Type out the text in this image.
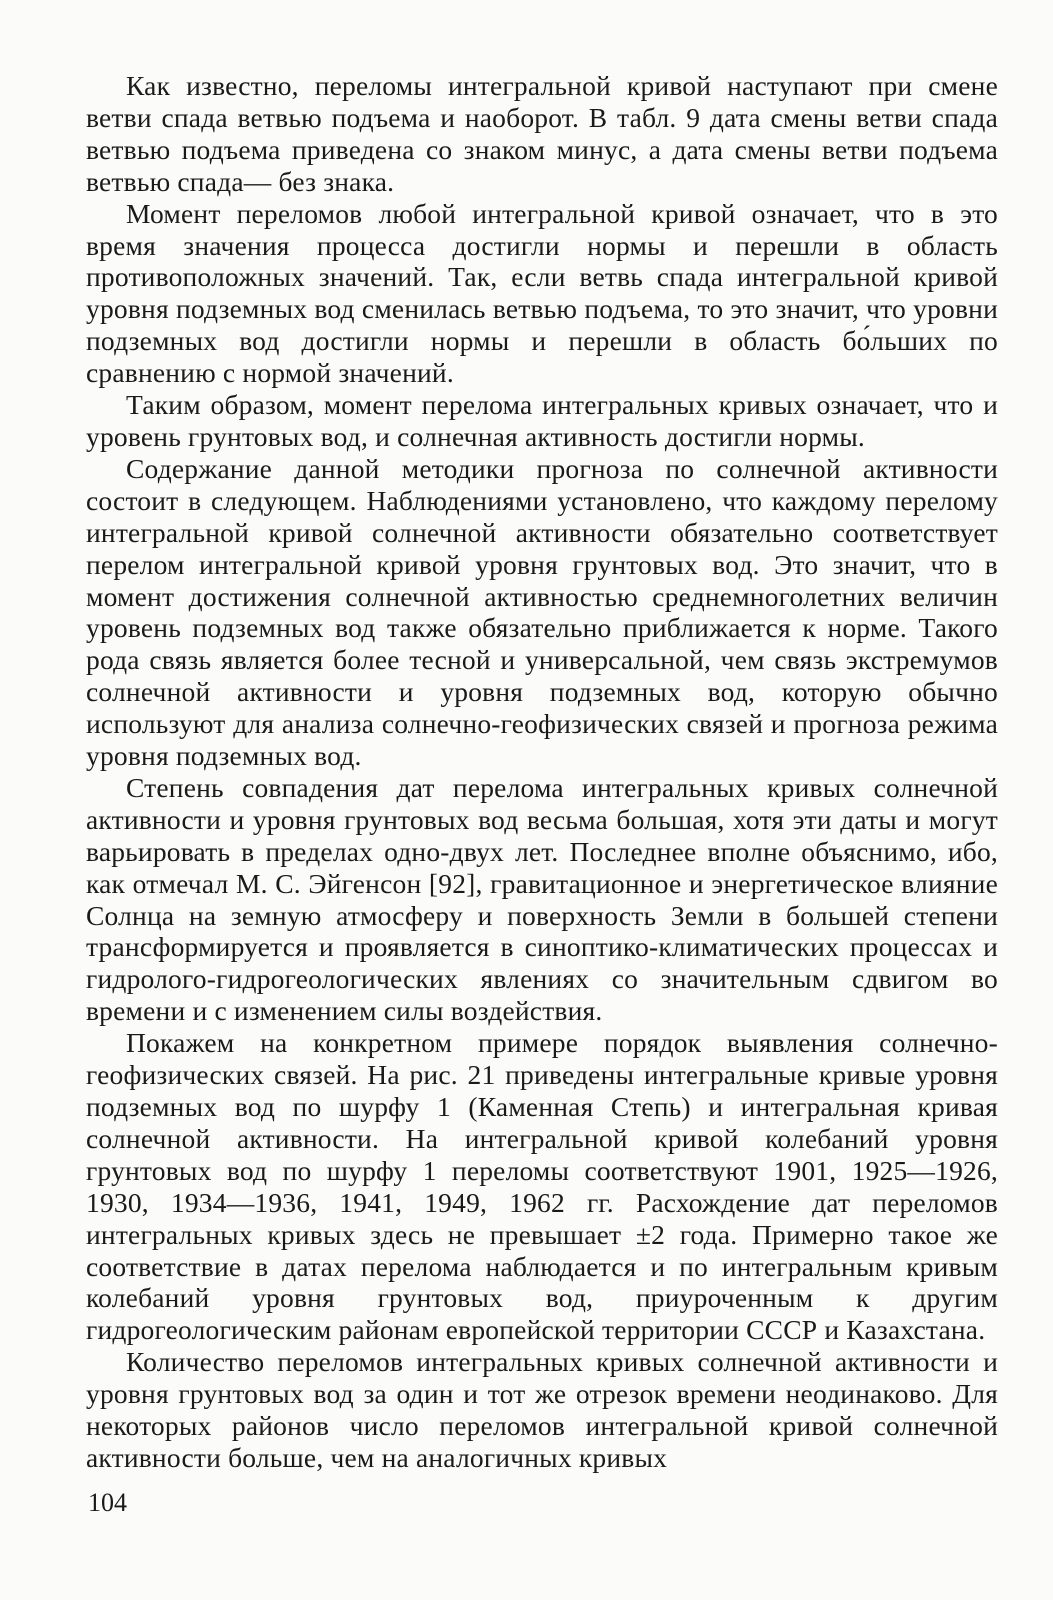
Как известно, переломы интегральной кривой наступают при смене ветви спада ветвью подъема и наоборот. В табл. 9 дата смены ветви спада ветвью подъема приведена со знаком минус, а дата смены ветви подъема ветвью спада— без знака.

Момент переломов любой интегральной кривой означает, что в это время значения процесса достигли нормы и перешли в область противоположных значений. Так, если ветвь спада интегральной кривой уровня подземных вод сменилась ветвью подъема, то это значит, что уровни подземных вод достигли нормы и перешли в область бо́льших по сравнению с нормой значений.

Таким образом, момент перелома интегральных кривых означает, что и уровень грунтовых вод, и солнечная активность достигли нормы.

Содержание данной методики прогноза по солнечной активности состоит в следующем. Наблюдениями установлено, что каждому перелому интегральной кривой солнечной активности обязательно соответствует перелом интегральной кривой уровня грунтовых вод. Это значит, что в момент достижения солнечной активностью среднемноголетних величин уровень подземных вод также обязательно приближается к норме. Такого рода связь является более тесной и универсальной, чем связь экстремумов солнечной активности и уровня подземных вод, которую обычно используют для анализа солнечно-геофизических связей и прогноза режима уровня подземных вод.

Степень совпадения дат перелома интегральных кривых солнечной активности и уровня грунтовых вод весьма большая, хотя эти даты и могут варьировать в пределах одно-двух лет. Последнее вполне объяснимо, ибо, как отмечал М. С. Эйгенсон [92], гравитационное и энергетическое влияние Солнца на земную атмосферу и поверхность Земли в большей степени трансформируется и проявляется в синоптико-климатических процессах и гидролого-гидрогеологических явлениях со значительным сдвигом во времени и с изменением силы воздействия.

Покажем на конкретном примере порядок выявления солнечно-геофизических связей. На рис. 21 приведены интегральные кривые уровня подземных вод по шурфу 1 (Каменная Степь) и интегральная кривая солнечной активности. На интегральной кривой колебаний уровня грунтовых вод по шурфу 1 переломы соответствуют 1901, 1925—1926, 1930, 1934—1936, 1941, 1949, 1962 гг. Расхождение дат переломов интегральных кривых здесь не превышает ±2 года. Примерно такое же соответствие в датах перелома наблюдается и по интегральным кривым колебаний уровня грунтовых вод, приуроченным к другим гидрогеологическим районам европейской территории СССР и Казахстана.

Количество переломов интегральных кривых солнечной активности и уровня грунтовых вод за один и тот же отрезок времени неодинаково. Для некоторых районов число переломов интегральной кривой солнечной активности больше, чем на аналогичных кривых

104
